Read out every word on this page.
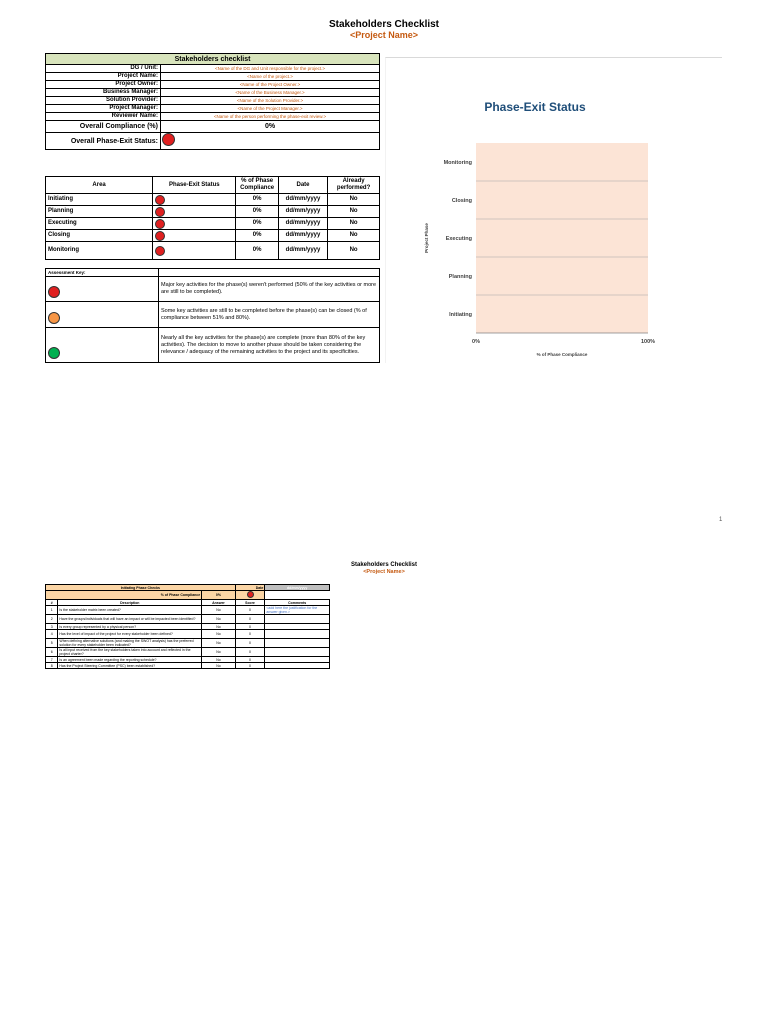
Stakeholders Checklist
<Project Name>
Stakeholders checklist	
DG / Unit:	<Name of the DG and Unit responsible for the project.>
Project Name:	<Name of the project.>
Project Owner:	<Name of the Project Owner.>
Business Manager:	<Name of the Business Manager.>
Solution Provider:	<Name of the Solution Provider.>
Project Manager:	<Name of the Project Manager.>
Reviewer Name:	<Name of the person performing the phase-exit review.>
Overall Compliance (%)	0%
Overall Phase-Exit Status:	
Area	Phase-Exit Status	% of Phase Compliance	Date	Already performed?
Initiating		0%	dd/mm/yyyy	No
Planning		0%	dd/mm/yyyy	No
Executing		0%	dd/mm/yyyy	No
Closing		0%	dd/mm/yyyy	No
Monitoring		0%	dd/mm/yyyy	No
Assessment Key:	
	Major key activities for the phase(s) weren't performed (50% of the key activities or more are still to be completed).
	Some key activities are still to be completed before the phase(s) can be closed (% of compliance between 51% and 80%).
	Nearly all the key activities for the phase(s) are complete (more than 80% of the key activities). The decision to move to another phase should be taken considering the relevance / adequacy of the remaining activities to the project and its specificities.
Phase-Exit Status
Monitoring
Closing
Executing
Planning
Initiating
0%	100%
% of Phase Compliance
Project Phase
1
Stakeholders Checklist
<Project Name>
Initiating Phase Checks			Date	dd/mm/yyyy
% of Phase Compliance		0%		
#	Description	Answer	Score	Comments
1	Is the stakeholder matrix been created?	No	0	<add here the justification for the answer given.>
2	Have the groups/individuals that will have an impact or will be impacted been identified?	No	0	
3	Is every group represented by a physical person?	No	0	
4	Has the level of impact of the project for every stakeholder been defined?	No	0	
5	When defining alternative solutions (and making the SWOT analysis) has the preferred solution for every stakeholder been indicated?	No	0	
6	Is all input received from the key stakeholders taken into account and reflected in the project charter?	No	0	
7	Is an agreement been made regarding the reporting schedule?	No	0	
8	Has the Project Steering Committee (PSC) been established?	No	0	
